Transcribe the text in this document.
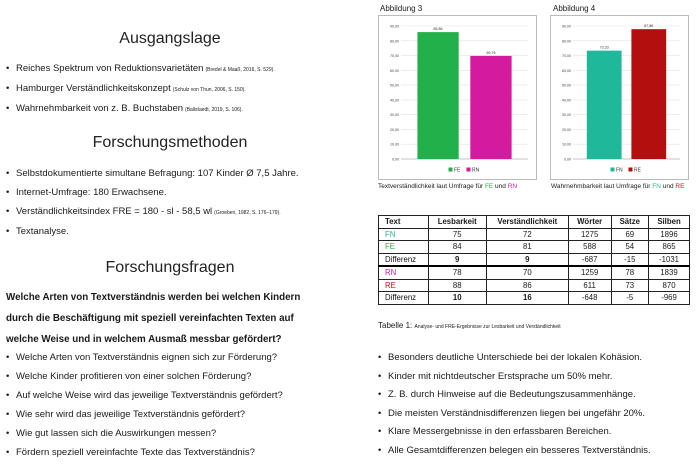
Ausgangslage
• Reiches Spektrum von Reduktionsvarietäten (Bredel & Maaß, 2016, S. 529).
• Hamburger Verständlichkeitskonzept (Schulz von Thun, 2006, S. 150).
• Wahrnehmbarkeit von z. B. Buchstaben (Ballstaedt, 2019, S. 106).
Forschungsmethoden
• Selbstdokumentierte simultane Befragung: 107 Kinder Ø 7,5 Jahre.
• Internet-Umfrage: 180 Erwachsene.
• Verständlichkeitsindex FRE = 180 - sl - 58,5 wl (Groeben, 1982, S. 176–179).
• Textanalyse.
Forschungsfragen
Welche Arten von Textverständnis werden bei welchen Kindern
durch die Beschäftigung mit speziell vereinfachten Texten auf
welche Weise und in welchem Ausmaß messbar gefördert?
• Welche Arten von Textverständnis eignen sich zur Förderung?
• Welche Kinder profitieren von einer solchen Förderung?
• Auf welche Weise wird das jeweilige Textverständnis gefördert?
• Wie sehr wird das jeweilige Textverständnis gefördert?
• Wie gut lassen sich die Auswirkungen messen?
• Fördern speziell vereinfachte Texte das Textverständnis?
Abbildung 3
0,00
10,00
20,00
30,00
40,00
50,00
60,00
70,00
80,00
90,00
85,86
69,76
FE RN
Textverständlichkeit laut Umfrage für FE und RN
Abbildung 4
0,00
10,00
20,00
30,00
40,00
50,00
60,00
70,00
80,00
90,00
73,33
87,86
FN RE
Wahrnehmbarkeit laut Umfrage für FN und RE
Text	Lesbarkeit	Verständlichkeit	Wörter	Sätze	Silben
FN	75	72	1275	69	1896
FE	84	81	588	54	865
Differenz	9	9	-687	-15	-1031
RN	78	70	1259	78	1839
RE	88	86	611	73	870
Differenz	10	16	-648	-5	-969
Tabelle 1: Analyse- und FRE-Ergebnisse zur Lesbarkeit und Verständlichkeit
• Besonders deutliche Unterschiede bei der lokalen Kohäsion.
• Kinder mit nichtdeutscher Erstsprache um 50% mehr.
• Z. B. durch Hinweise auf die Bedeutungszusammenhänge.
• Die meisten Verständnisdifferenzen liegen bei ungefähr 20%.
• Klare Messergebnisse in den erfassbaren Bereichen.
• Alle Gesamtdifferenzen belegen ein besseres Textverständnis.
